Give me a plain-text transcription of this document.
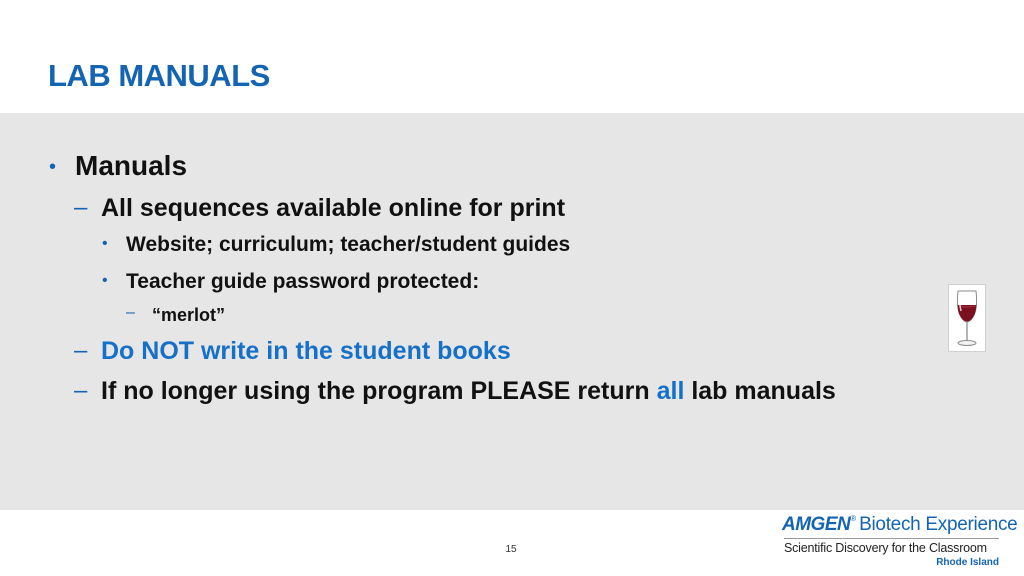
LAB MANUALS
• Manuals
– All sequences available online for print
• Website; curriculum; teacher/student guides
• Teacher guide password protected:
– “merlot”
– Do NOT write in the student books
– If no longer using the program PLEASE return all lab manuals
15
AMGEN® Biotech Experience
Scientific Discovery for the Classroom
Rhode Island
